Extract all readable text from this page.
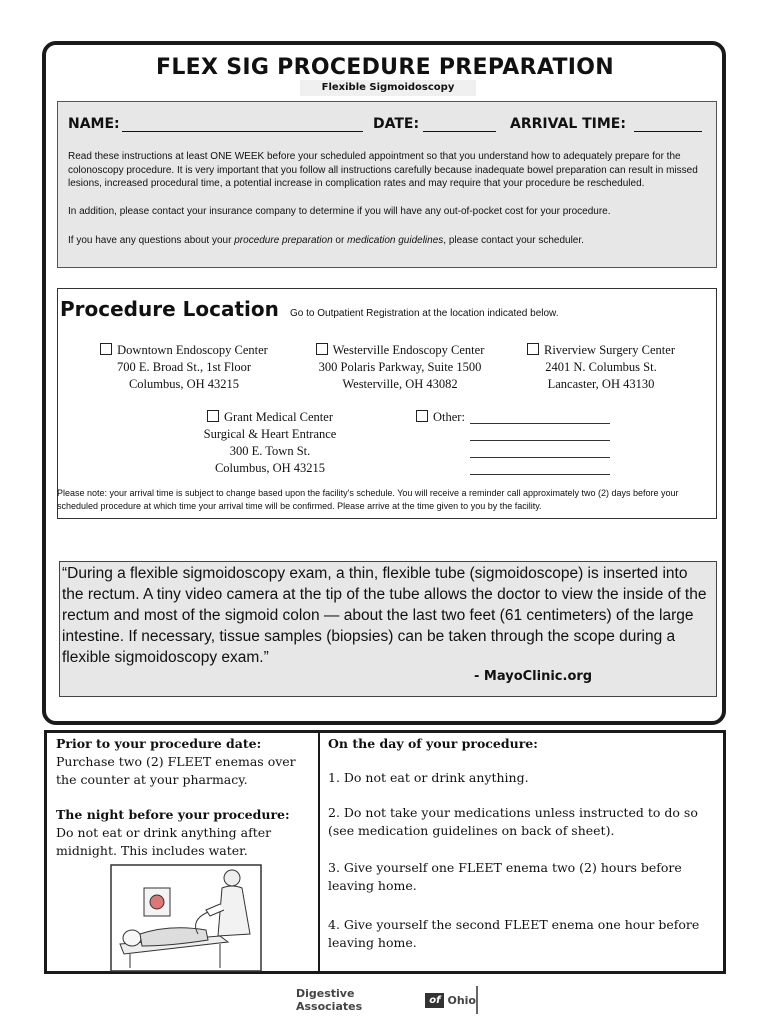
FLEX SIG PROCEDURE PREPARATION
Flexible Sigmoidoscopy
NAME:	DATE:	ARRIVAL TIME:
Read these instructions at least ONE WEEK before your scheduled appointment so that you understand how to adequately prepare for the colonoscopy procedure. It is very important that you follow all instructions carefully because inadequate bowel preparation can result in missed lesions, increased procedural time, a potential increase in complication rates and may require that your procedure be rescheduled.
In addition, please contact your insurance company to determine if you will have any out-of-pocket cost for your procedure.
If you have any questions about your procedure preparation or medication guidelines, please contact your scheduler.
Procedure Location Go to Outpatient Registration at the location indicated below.
Downtown Endoscopy Center
700 E. Broad St., 1st Floor
Columbus, OH 43215
Westerville Endoscopy Center
300 Polaris Parkway, Suite 1500
Westerville, OH 43082
Riverview Surgery Center
2401 N. Columbus St.
Lancaster, OH 43130
Grant Medical Center
Surgical & Heart Entrance
300 E. Town St.
Columbus, OH 43215
Other:
Please note: your arrival time is subject to change based upon the facility's schedule. You will receive a reminder call approximately two (2) days before your scheduled procedure at which time your arrival time will be confirmed. Please arrive at the time given to you by the facility.
“During a flexible sigmoidoscopy exam, a thin, flexible tube (sigmoidoscope) is inserted into the rectum. A tiny video camera at the tip of the tube allows the doctor to view the inside of the rectum and most of the sigmoid colon — about the last two feet (61 centimeters) of the large intestine. If necessary, tissue samples (biopsies) can be taken through the scope during a flexible sigmoidoscopy exam.”
- MayoClinic.org
Prior to your procedure date:
Purchase two (2) FLEET enemas over the counter at your pharmacy.
The night before your procedure:
Do not eat or drink anything after midnight. This includes water.
On the day of your procedure:
1. Do not eat or drink anything.
2. Do not take your medications unless instructed to do so (see medication guidelines on back of sheet).
3. Give yourself one FLEET enema two (2) hours before leaving home.
4. Give yourself the second FLEET enema one hour before leaving home.
Digestive Associates	of Ohio
